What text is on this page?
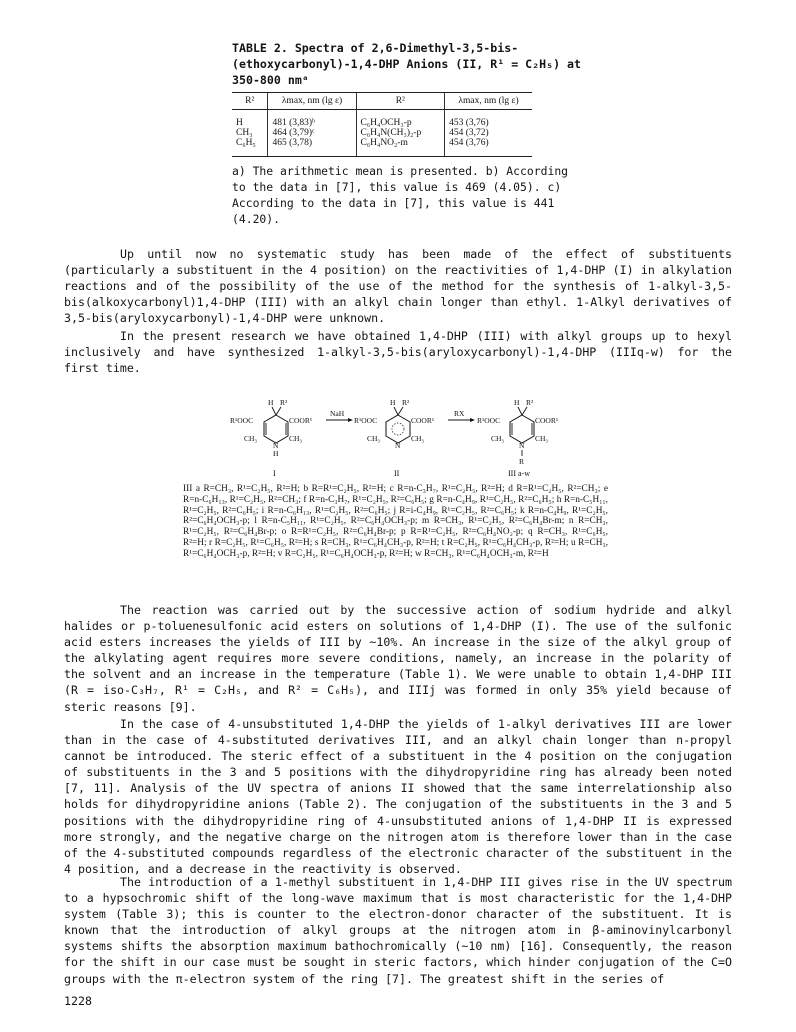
TABLE 2. Spectra of 2,6-Dimethyl-3,5-bis-(ethoxycarbonyl)-1,4-DHP Anions (II, R¹ = C₂H₅) at 350-800 nmᵃ
R²	λmax, nm (lg ε)	R²	λmax, nm (lg ε)
H	481 (3,83)ᵇ	C₆H₄OCH₃-p	453 (3,76)
CH₃	464 (3,79)ᶜ	C₆H₄N(CH₃)₂-p	454 (3,72)
C₆H₅	465 (3,78)	C₆H₄NO₂-m	454 (3,76)
a) The arithmetic mean is presented. b) According to the data in [7], this value is 469 (4.05). c) According to the data in [7], this value is 441 (4.20).
Up until now no systematic study has been made of the effect of substituents (particularly a substituent in the 4 position) on the reactivities of 1,4-DHP (I) in alkylation reactions and of the possibility of the use of the method for the synthesis of 1-alkyl-3,5-bis(alkoxycarbonyl)1,4-DHP (III) with an alkyl chain longer than ethyl. 1-Alkyl derivatives of 3,5-bis(aryloxycarbonyl)-1,4-DHP were unknown.
In the present research we have obtained 1,4-DHP (III) with alkyl groups up to hexyl inclusively and have synthesized 1-alkyl-3,5-bis(aryloxycarbonyl)-1,4-DHP (IIIq-w) for the first time.
H R²
R¹OOC	COOR¹
CH₃	CH₃
N
H
I
NaH
H R²
R¹OOC	COOR¹
CH₃	CH₃
N
II
RX
H R²
R¹OOC	COOR¹
CH₃	CH₃
N
R
III a-w
III a R=CH₃, R¹=C₂H₅, R²=H; b R=R¹=C₂H₅, R²=H; c R=n-C₃H₇, R¹=C₂H₅, R²=H; d R=R¹=C₂H₅, R²=CH₃; e R=n-C₆H₁₃, R¹=C₂H₅, R²=CH₃; f R=n-C₃H₇, R¹=C₂H₅, R²=C₆H₅; g R=n-C₄H₉, R¹=C₂H₅, R²=C₆H₅; h R=n-C₅H₁₁, R¹=C₂H₅, R²=C₆H₅; i R=n-C₆H₁₃, R¹=C₂H₅, R²=C₆H₅; j R=i-C₄H₉, R¹=C₂H₅, R²=C₆H₅; k R=n-C₄H₉, R¹=C₂H₅, R²=C₆H₄OCH₃-p; l R=n-C₅H₁₁, R¹=C₂H₅, R²=C₆H₄OCH₃-p; m R=CH₃, R¹=C₂H₅, R²=C₆H₄Br-m; n R=CH₃, R¹=C₂H₅, R²=C₆H₄Br-p; o R=R¹=C₂H₅, R²=C₆H₄Br-p; p R=R¹=C₂H₅, R²=C₆H₄NO₂-p; q R=CH₃, R¹=C₆H₅, R²=H; r R=C₂H₅, R¹=C₆H₅, R²=H; s R=CH₃, R¹=C₆H₄CH₃-p, R²=H; t R=C₂H₅, R¹=C₆H₄CH₃-p, R²=H; u R=CH₃, R¹=C₆H₄OCH₃-p, R²=H; v R=C₂H₅, R¹=C₆H₄OCH₃-p, R²=H; w R=CH₃, R¹=C₆H₄OCH₃-m, R²=H
The reaction was carried out by the successive action of sodium hydride and alkyl halides or p-toluenesulfonic acid esters on solutions of 1,4-DHP (I). The use of the sulfonic acid esters increases the yields of III by ~10%. An increase in the size of the alkyl group of the alkylating agent requires more severe conditions, namely, an increase in the polarity of the solvent and an increase in the temperature (Table 1). We were unable to obtain 1,4-DHP III (R = iso-C₃H₇, R¹ = C₂H₅, and R² = C₆H₅), and IIIj was formed in only 35% yield because of steric reasons [9].
In the case of 4-unsubstituted 1,4-DHP the yields of 1-alkyl derivatives III are lower than in the case of 4-substituted derivatives III, and an alkyl chain longer than n-propyl cannot be introduced. The steric effect of a substituent in the 4 position on the conjugation of substituents in the 3 and 5 positions with the dihydropyridine ring has already been noted [7, 11]. Analysis of the UV spectra of anions II showed that the same interrelationship also holds for dihydropyridine anions (Table 2). The conjugation of the substituents in the 3 and 5 positions with the dihydropyridine ring of 4-unsubstituted anions of 1,4-DHP II is expressed more strongly, and the negative charge on the nitrogen atom is therefore lower than in the case of the 4-substituted compounds regardless of the electronic character of the substituent in the 4 position, and a decrease in the reactivity is observed.
The introduction of a 1-methyl substituent in 1,4-DHP III gives rise in the UV spectrum to a hypsochromic shift of the long-wave maximum that is most characteristic for the 1,4-DHP system (Table 3); this is counter to the electron-donor character of the substituent. It is known that the introduction of alkyl groups at the nitrogen atom in β-aminovinylcarbonyl systems shifts the absorption maximum bathochromically (~10 nm) [16]. Consequently, the reason for the shift in our case must be sought in steric factors, which hinder conjugation of the C=O groups with the π-electron system of the ring [7]. The greatest shift in the series of
1228
